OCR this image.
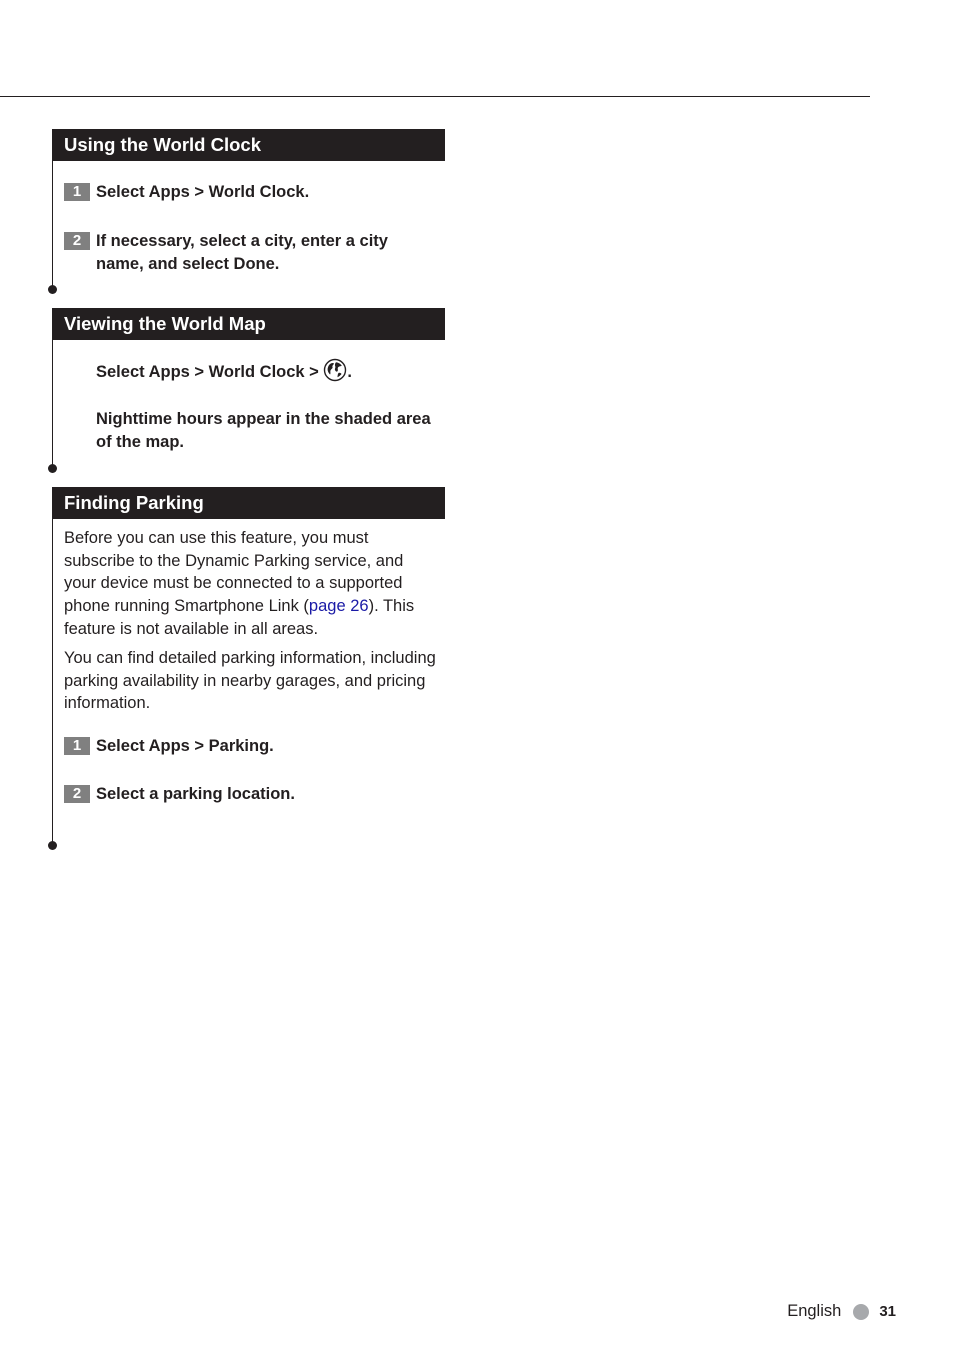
Using the World Clock
1 Select Apps > World Clock.
2 If necessary, select a city, enter a city name, and select Done.
Viewing the World Map
Select Apps > World Clock > .
Nighttime hours appear in the shaded area of the map.
Finding Parking
Before you can use this feature, you must subscribe to the Dynamic Parking service, and your device must be connected to a supported phone running Smartphone Link (page 26). This feature is not available in all areas.
You can find detailed parking information, including parking availability in nearby garages, and pricing information.
1 Select Apps > Parking.
2 Select a parking location.
English	31
